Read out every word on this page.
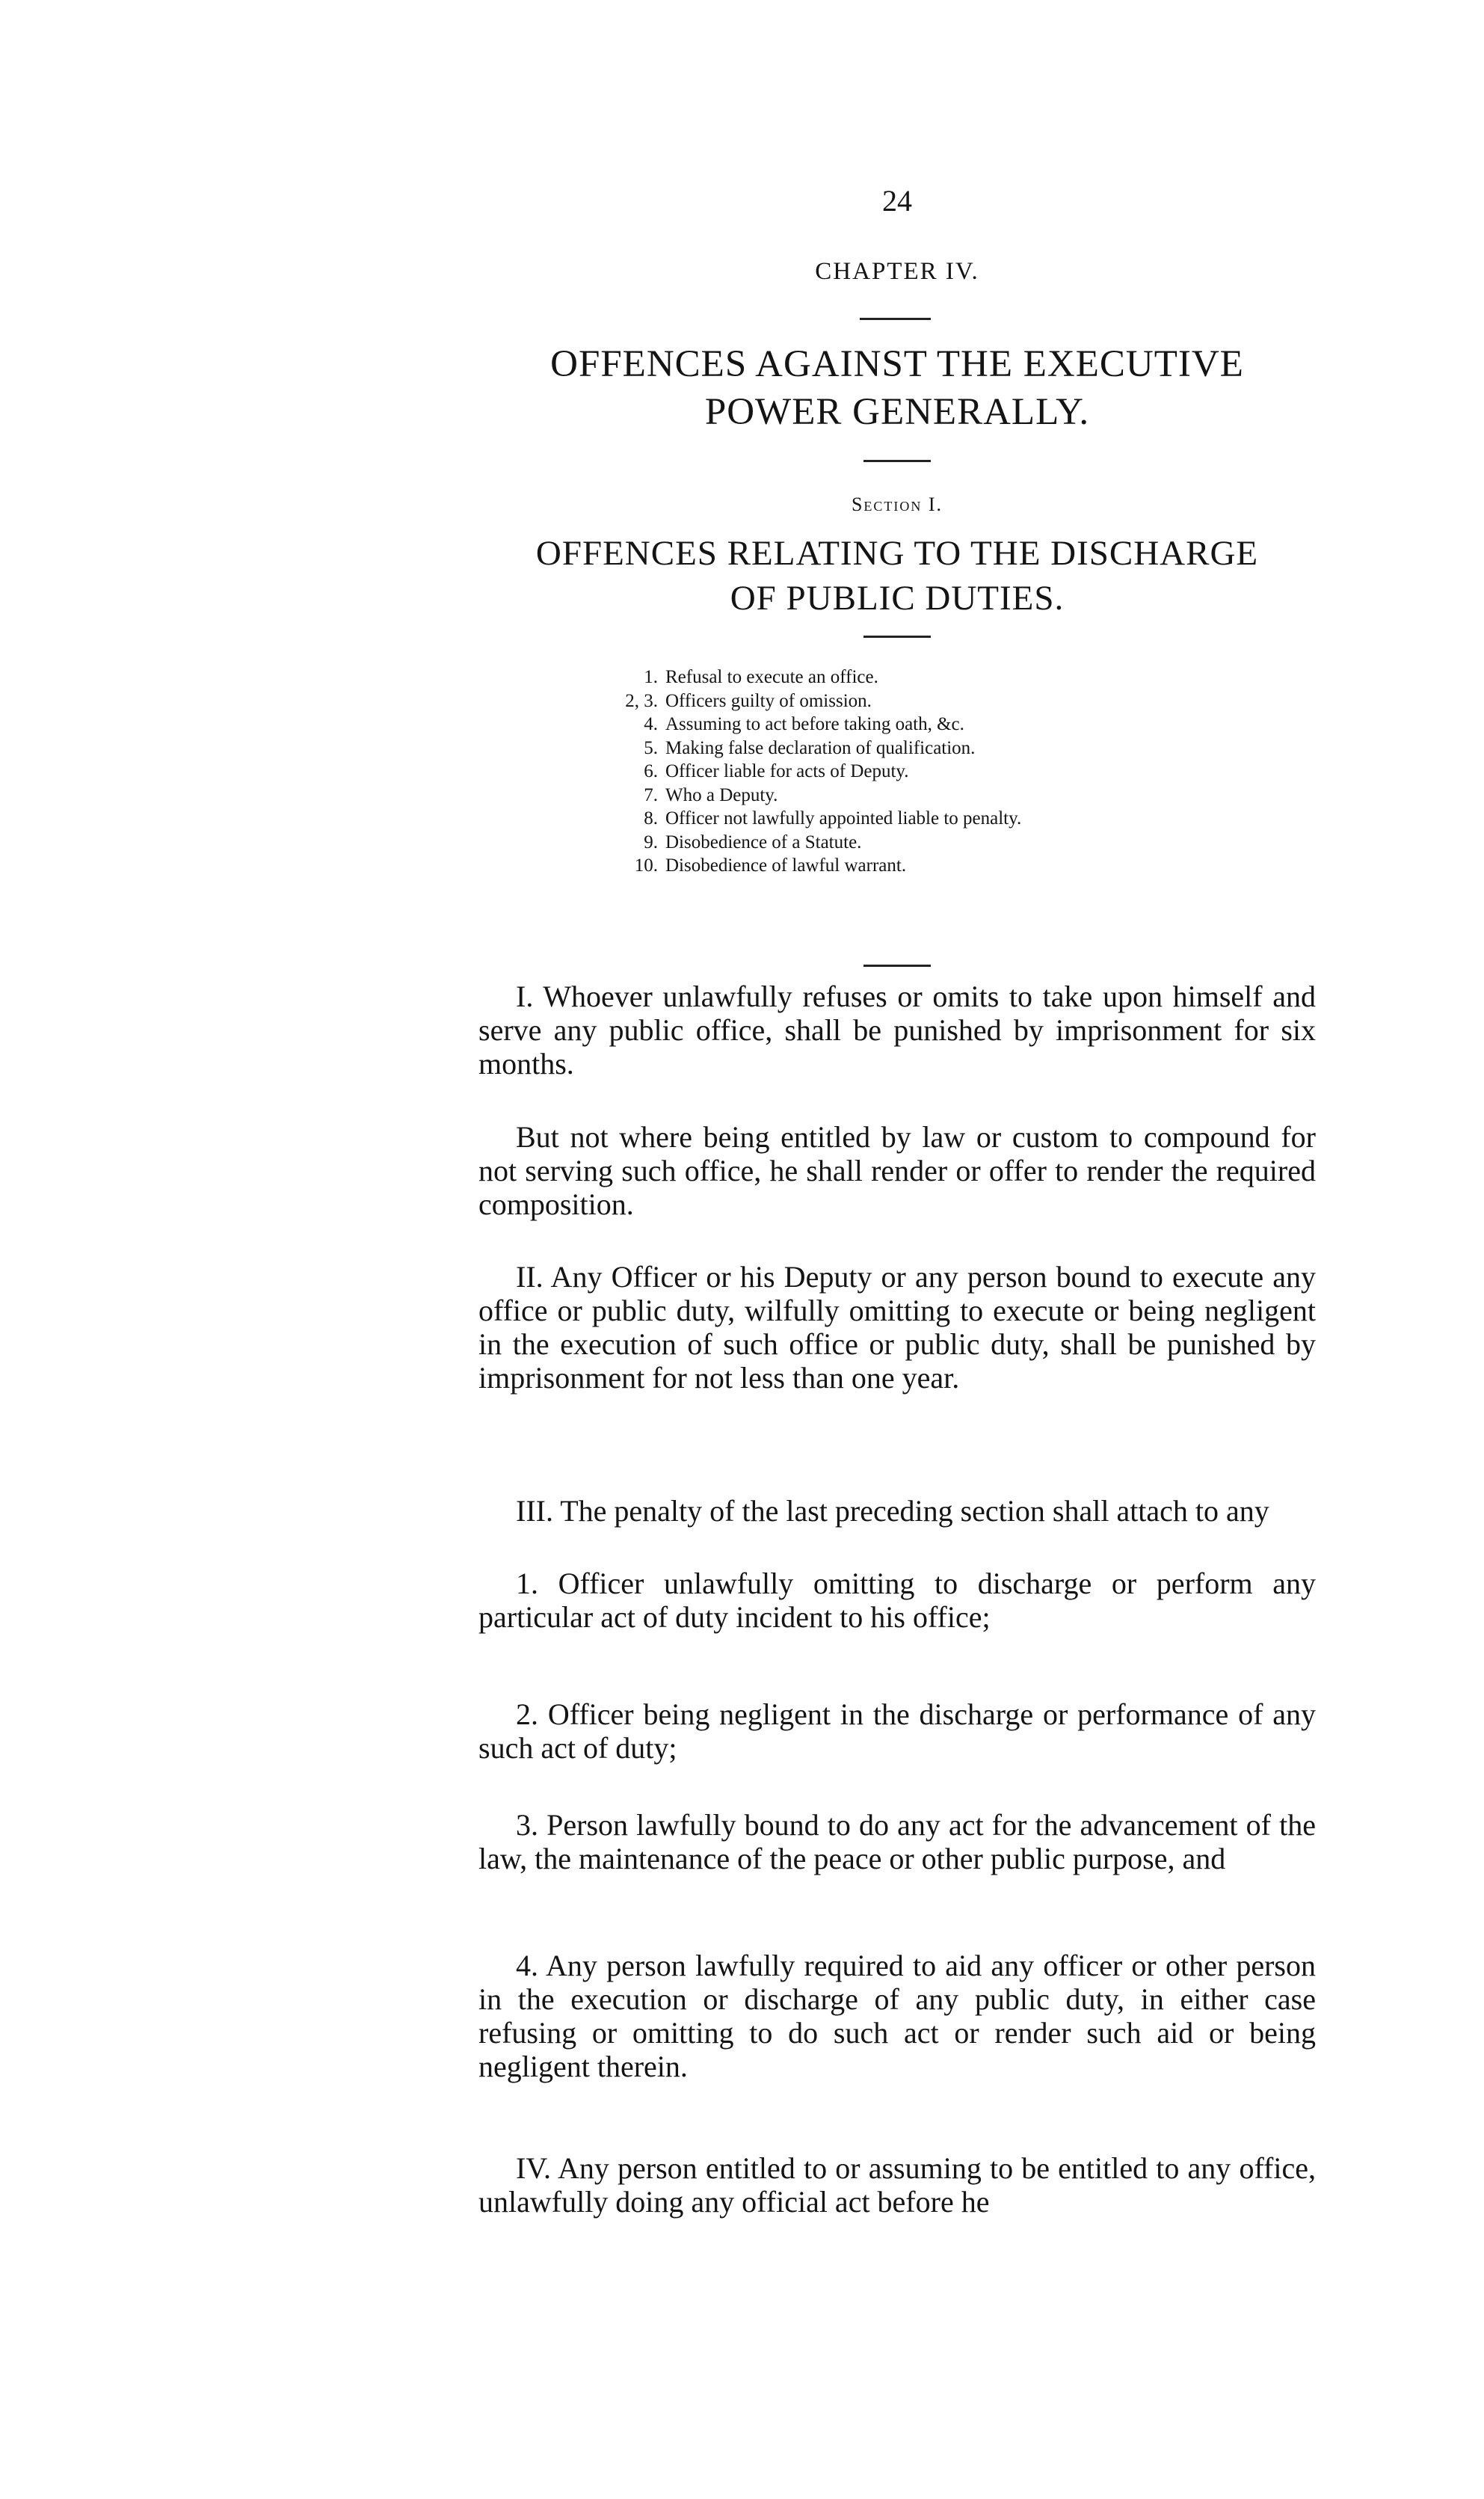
24
CHAPTER IV.
OFFENCES AGAINST THE EXECUTIVE
POWER GENERALLY.
Section I.
OFFENCES RELATING TO THE DISCHARGE
OF PUBLIC DUTIES.
1. Refusal to execute an office.
2, 3. Officers guilty of omission.
4. Assuming to act before taking oath, &c.
5. Making false declaration of qualification.
6. Officer liable for acts of Deputy.
7. Who a Deputy.
8. Officer not lawfully appointed liable to penalty.
9. Disobedience of a Statute.
10. Disobedience of lawful warrant.

I. Whoever unlawfully refuses or omits to take upon himself and serve any public office, shall be punished by imprisonment for six months.

But not where being entitled by law or custom to compound for not serving such office, he shall render or offer to render the required composition.

II. Any Officer or his Deputy or any person bound to execute any office or public duty, wilfully omitting to execute or being negligent in the execution of such office or public duty, shall be punished by imprisonment for not less than one year.

III. The penalty of the last preceding section shall attach to any

1. Officer unlawfully omitting to discharge or perform any particular act of duty incident to his office;

2. Officer being negligent in the discharge or performance of any such act of duty;

3. Person lawfully bound to do any act for the advancement of the law, the maintenance of the peace or other public purpose, and

4. Any person lawfully required to aid any officer or other person in the execution or discharge of any public duty, in either case refusing or omitting to do such act or render such aid or being negligent therein.

IV. Any person entitled to or assuming to be entitled to any office, unlawfully doing any official act before he
